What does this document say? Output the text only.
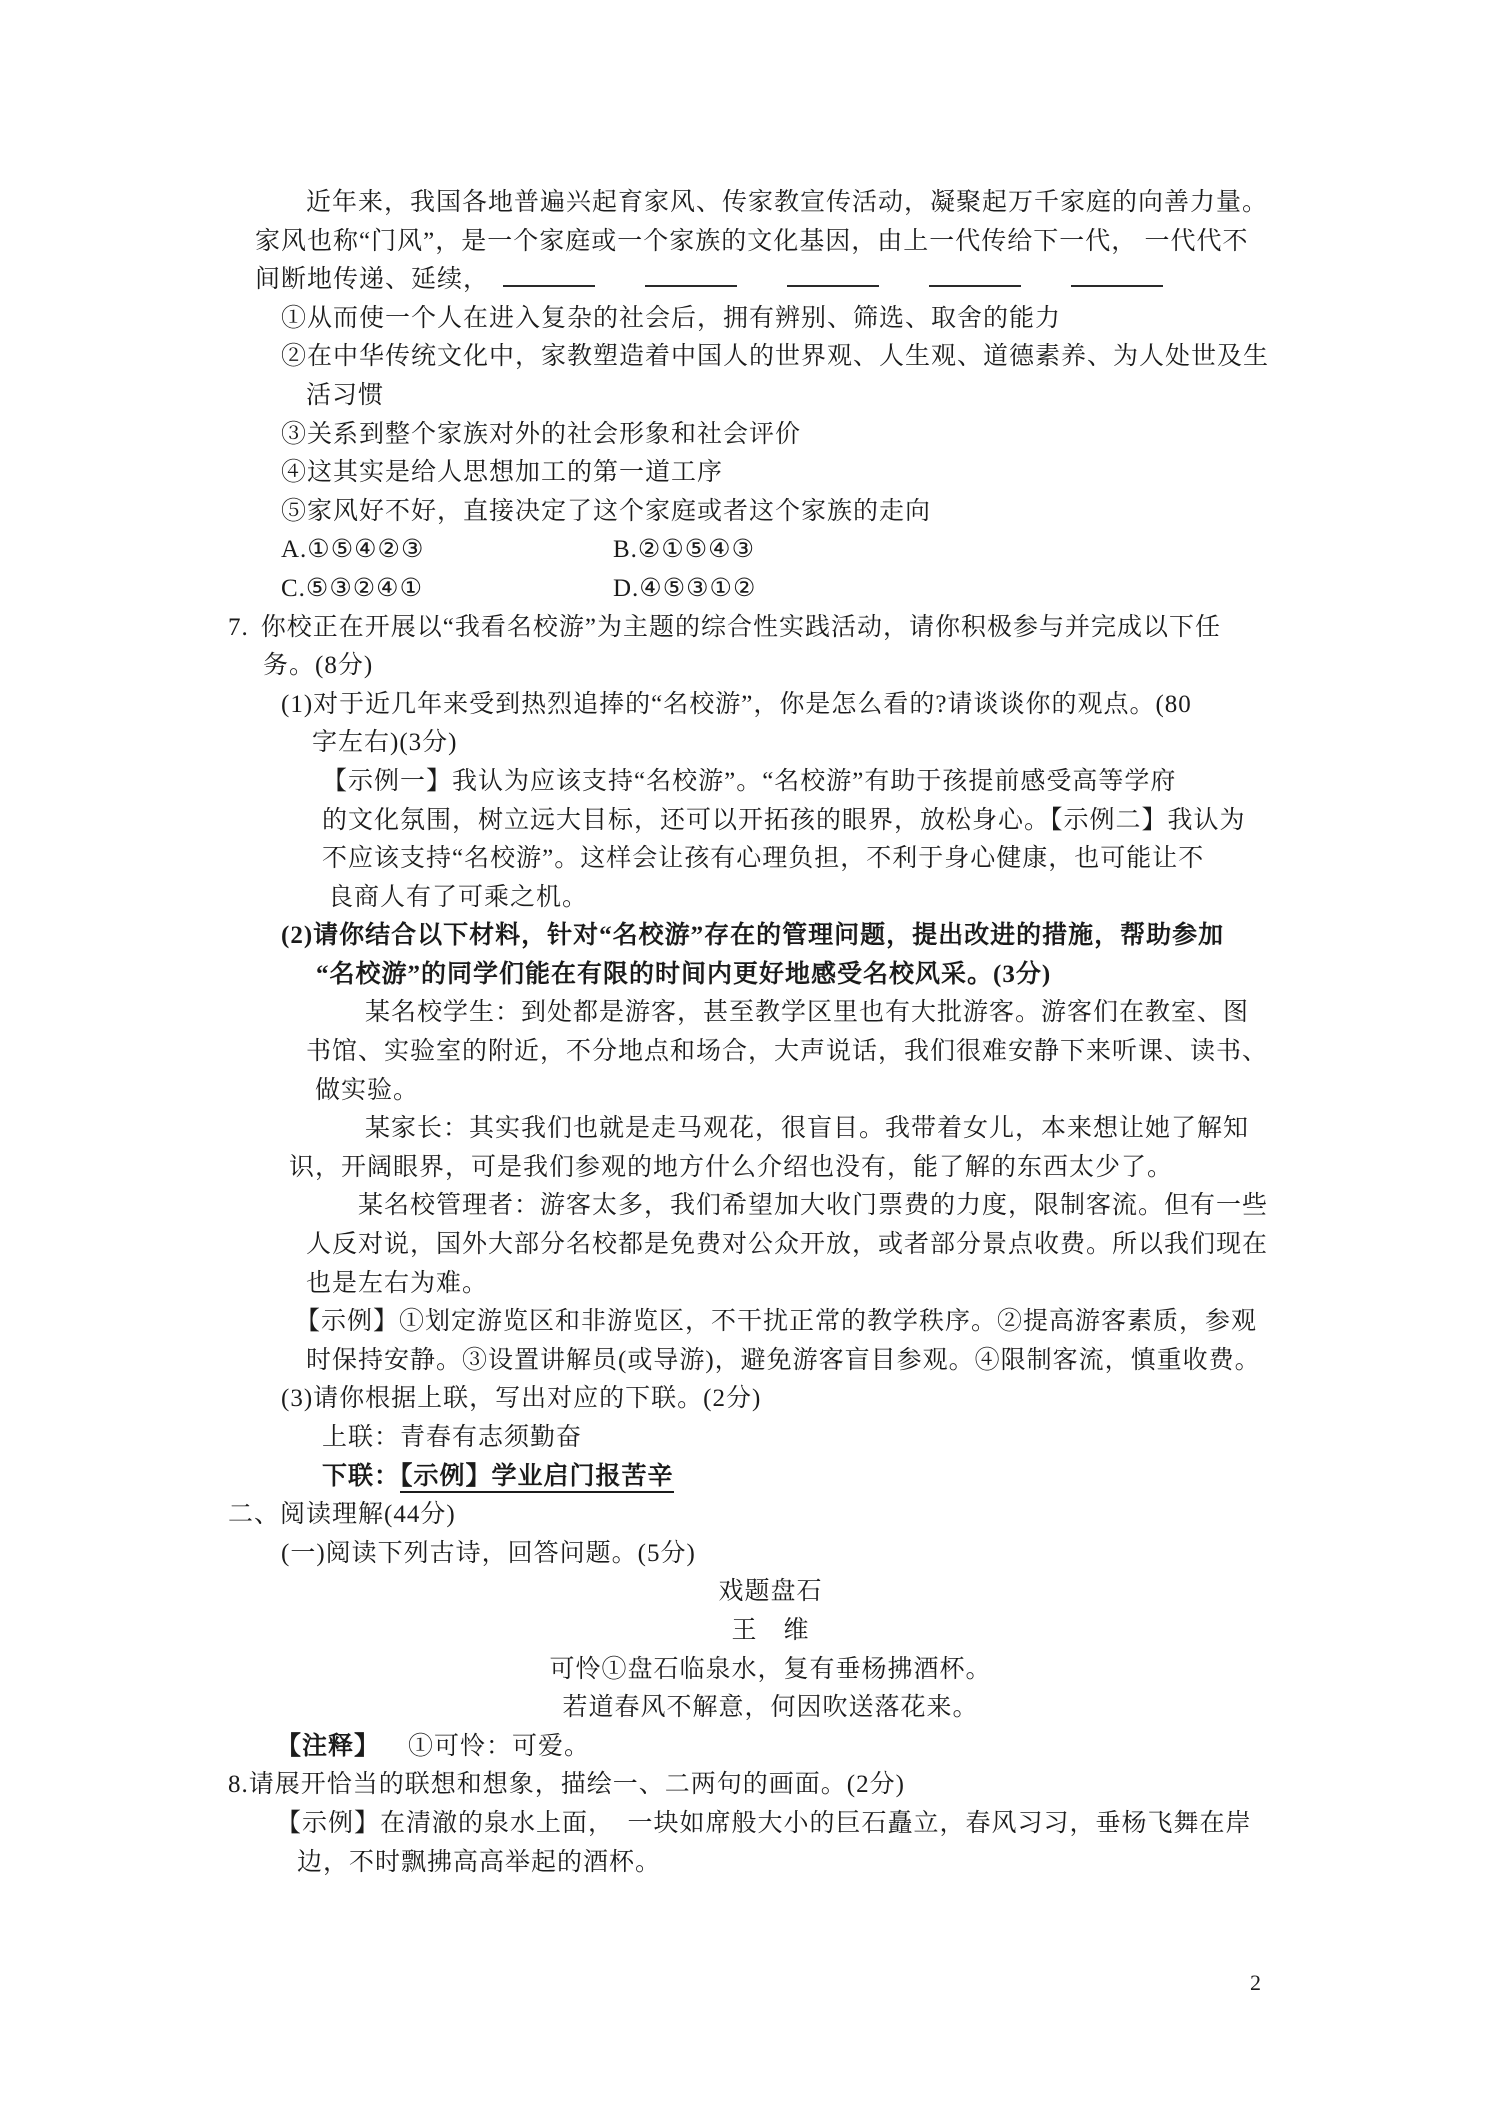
近年来，我国各地普遍兴起育家风、传家教宣传活动，凝聚起万千家庭的向善力量。
家风也称“门风”，是一个家庭或一个家族的文化基因，由上一代传给下一代， 一代代不
间断地传递、延续，
①从而使一个人在进入复杂的社会后，拥有辨别、筛选、取舍的能力
②在中华传统文化中，家教塑造着中国人的世界观、人生观、道德素养、为人处世及生
活习惯
③关系到整个家族对外的社会形象和社会评价
④这其实是给人思想加工的第一道工序
⑤家风好不好，直接决定了这个家庭或者这个家族的走向
A.①⑤④②③	B.②①⑤④③
C.⑤③②④①	D.④⑤③①②
7. 你校正在开展以“我看名校游”为主题的综合性实践活动，请你积极参与并完成以下任
务。(8分)
(1)对于近几年来受到热烈追捧的“名校游”，你是怎么看的?请谈谈你的观点。(80
字左右)(3分)
【示例一】我认为应该支持“名校游”。“名校游”有助于孩提前感受高等学府
的文化氛围，树立远大目标，还可以开拓孩的眼界，放松身心。【示例二】我认为
不应该支持“名校游”。这样会让孩有心理负担，不利于身心健康，也可能让不
良商人有了可乘之机。
(2)请你结合以下材料，针对“名校游”存在的管理问题，提出改进的措施，帮助参加
“名校游”的同学们能在有限的时间内更好地感受名校风采。(3分)
某名校学生：到处都是游客，甚至教学区里也有大批游客。游客们在教室、图
书馆、实验室的附近，不分地点和场合，大声说话，我们很难安静下来听课、读书、
做实验。
某家长：其实我们也就是走马观花，很盲目。我带着女儿，本来想让她了解知
识，开阔眼界，可是我们参观的地方什么介绍也没有，能了解的东西太少了。
某名校管理者：游客太多，我们希望加大收门票费的力度，限制客流。但有一些
人反对说，国外大部分名校都是免费对公众开放，或者部分景点收费。所以我们现在
也是左右为难。
【示例】①划定游览区和非游览区，不干扰正常的教学秩序。②提高游客素质，参观
时保持安静。③设置讲解员(或导游)，避免游客盲目参观。④限制客流，慎重收费。
(3)请你根据上联，写出对应的下联。(2分)
上联：青春有志须勤奋
下联：【示例】学业启门报苦辛
二、阅读理解(44分)
(一)阅读下列古诗，回答问题。(5分)
戏题盘石
王　维
可怜①盘石临泉水，复有垂杨拂酒杯。
若道春风不解意，何因吹送落花来。
【注释】 ①可怜：可爱。
8.请展开恰当的联想和想象，描绘一、二两句的画面。(2分)
【示例】在清澈的泉水上面，　一块如席般大小的巨石矗立，春风习习，垂杨飞舞在岸
边，不时飘拂高高举起的酒杯。
2
